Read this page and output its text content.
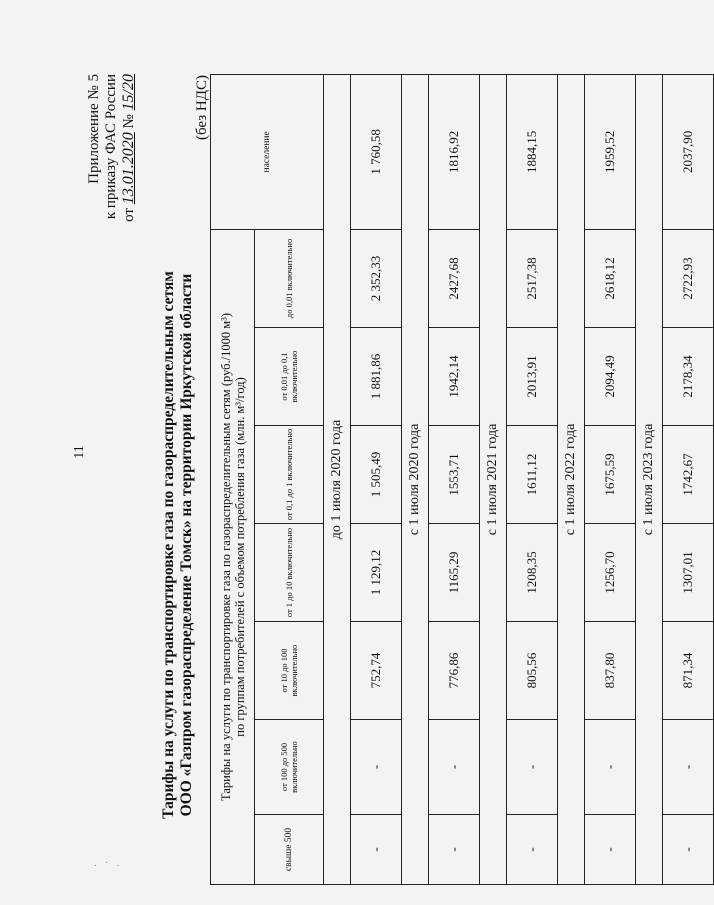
11
. · .
Приложение № 5 к приказу ФАС России от 13.01.2020 № 15/20
Тарифы на услуги по транспортировке газа по газораспределительным сетям ООО «Газпром газораспределение Томск» на территории Иркутской области
(без НДС)
Тарифы на услуги по транспортировке газа по газораспределительным сетям (руб./1000 м³) по группам потребителей с объемом потребления газа (млн. м³/год)							население
свыше 500	от 100 до 500 включительно	от 10 до 100 включительно	от 1 до 10 включительно	от 0,1 до 1 включительно	от 0,01 до 0,1 включительно	до 0,01 включительно	
до 1 июля 2020 года							
-	-	752,74	1 129,12	1 505,49	1 881,86	2 352,33	1 760,58
с 1 июля 2020 года							
-	-	776,86	1165,29	1553,71	1942,14	2427,68	1816,92
с 1 июля 2021 года							
-	-	805,56	1208,35	1611,12	2013,91	2517,38	1884,15
с 1 июля 2022 года							
-	-	837,80	1256,70	1675,59	2094,49	2618,12	1959,52
с 1 июля 2023 года							
-	-	871,34	1307,01	1742,67	2178,34	2722,93	2037,90
